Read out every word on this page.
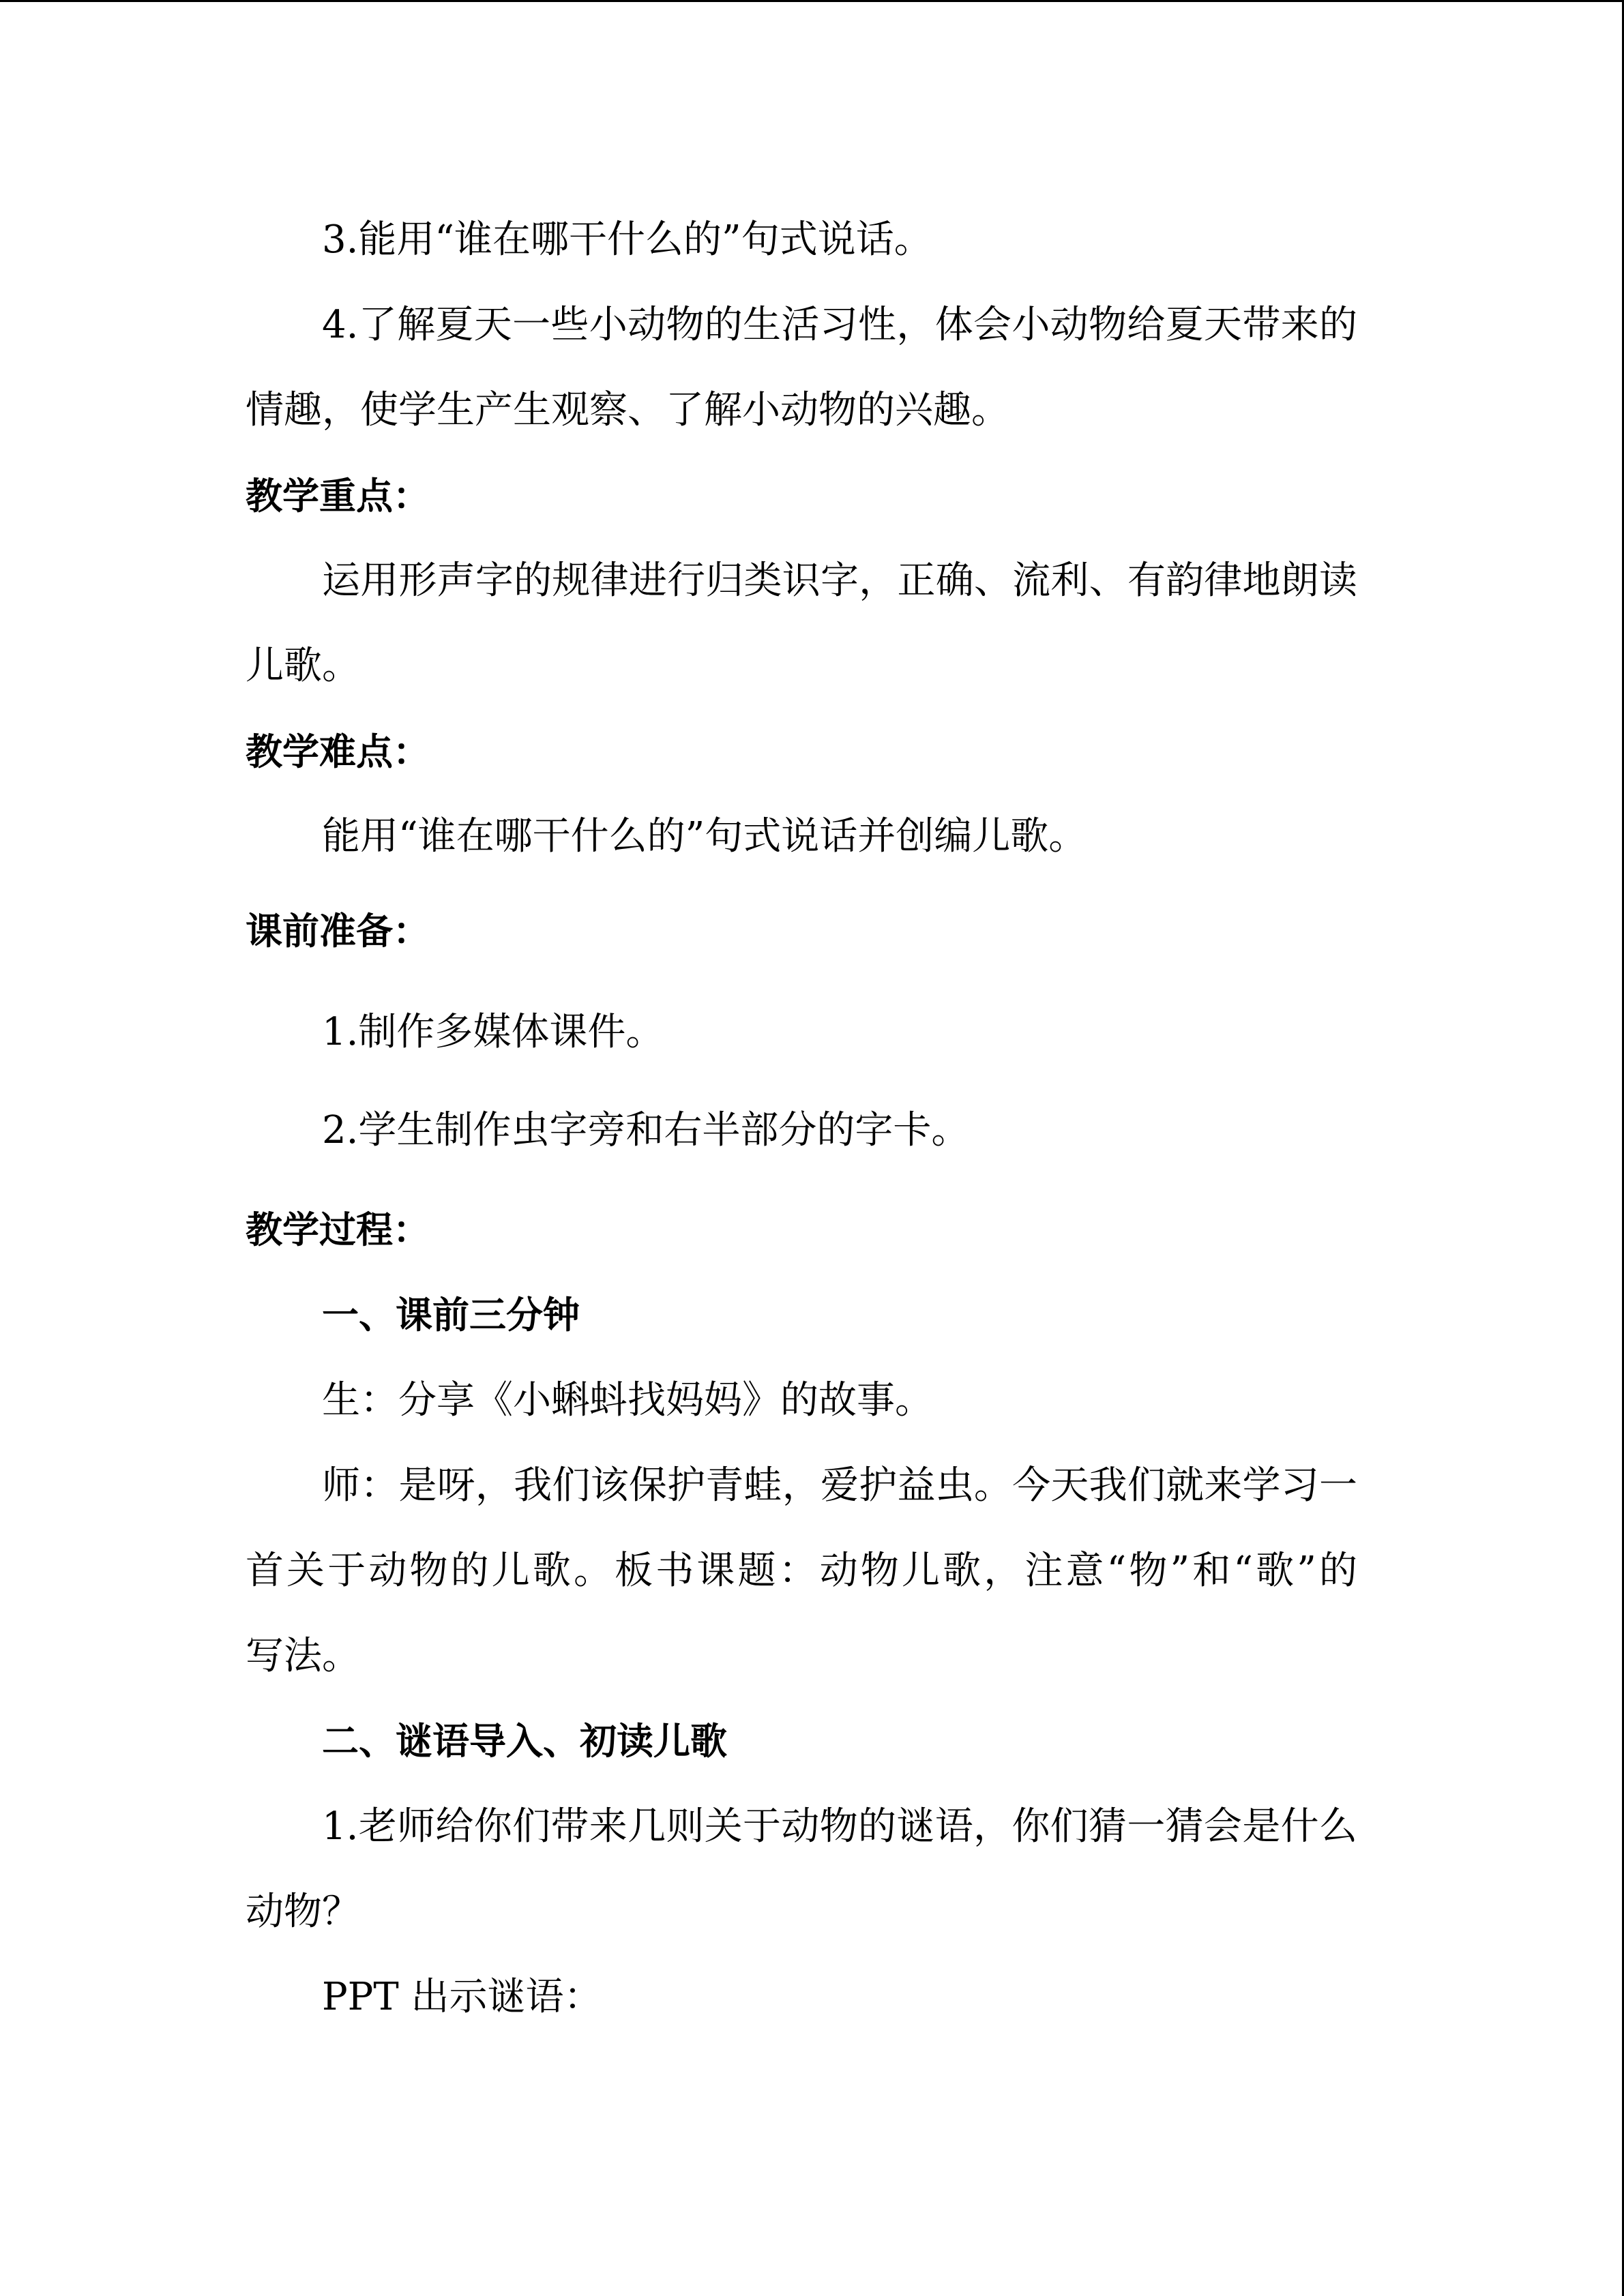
3.能用“谁在哪干什么的”句式说话。
4.了解夏天一些小动物的生活习性，体会小动物给夏天带来的
情趣，使学生产生观察、了解小动物的兴趣。
教学重点：
运用形声字的规律进行归类识字，正确、流利、有韵律地朗读
儿歌。
教学难点：
能用“谁在哪干什么的”句式说话并创编儿歌。
课前准备：
1.制作多媒体课件。
2.学生制作虫字旁和右半部分的字卡。
教学过程：
一、课前三分钟
生：分享《小蝌蚪找妈妈》的故事。
师：是呀，我们该保护青蛙，爱护益虫。今天我们就来学习一
首关于动物的儿歌。板书课题：动物儿歌，注意“物”和“歌”的
写法。
二、谜语导入、初读儿歌
1.老师给你们带来几则关于动物的谜语，你们猜一猜会是什么
动物？
PPT 出示谜语：
